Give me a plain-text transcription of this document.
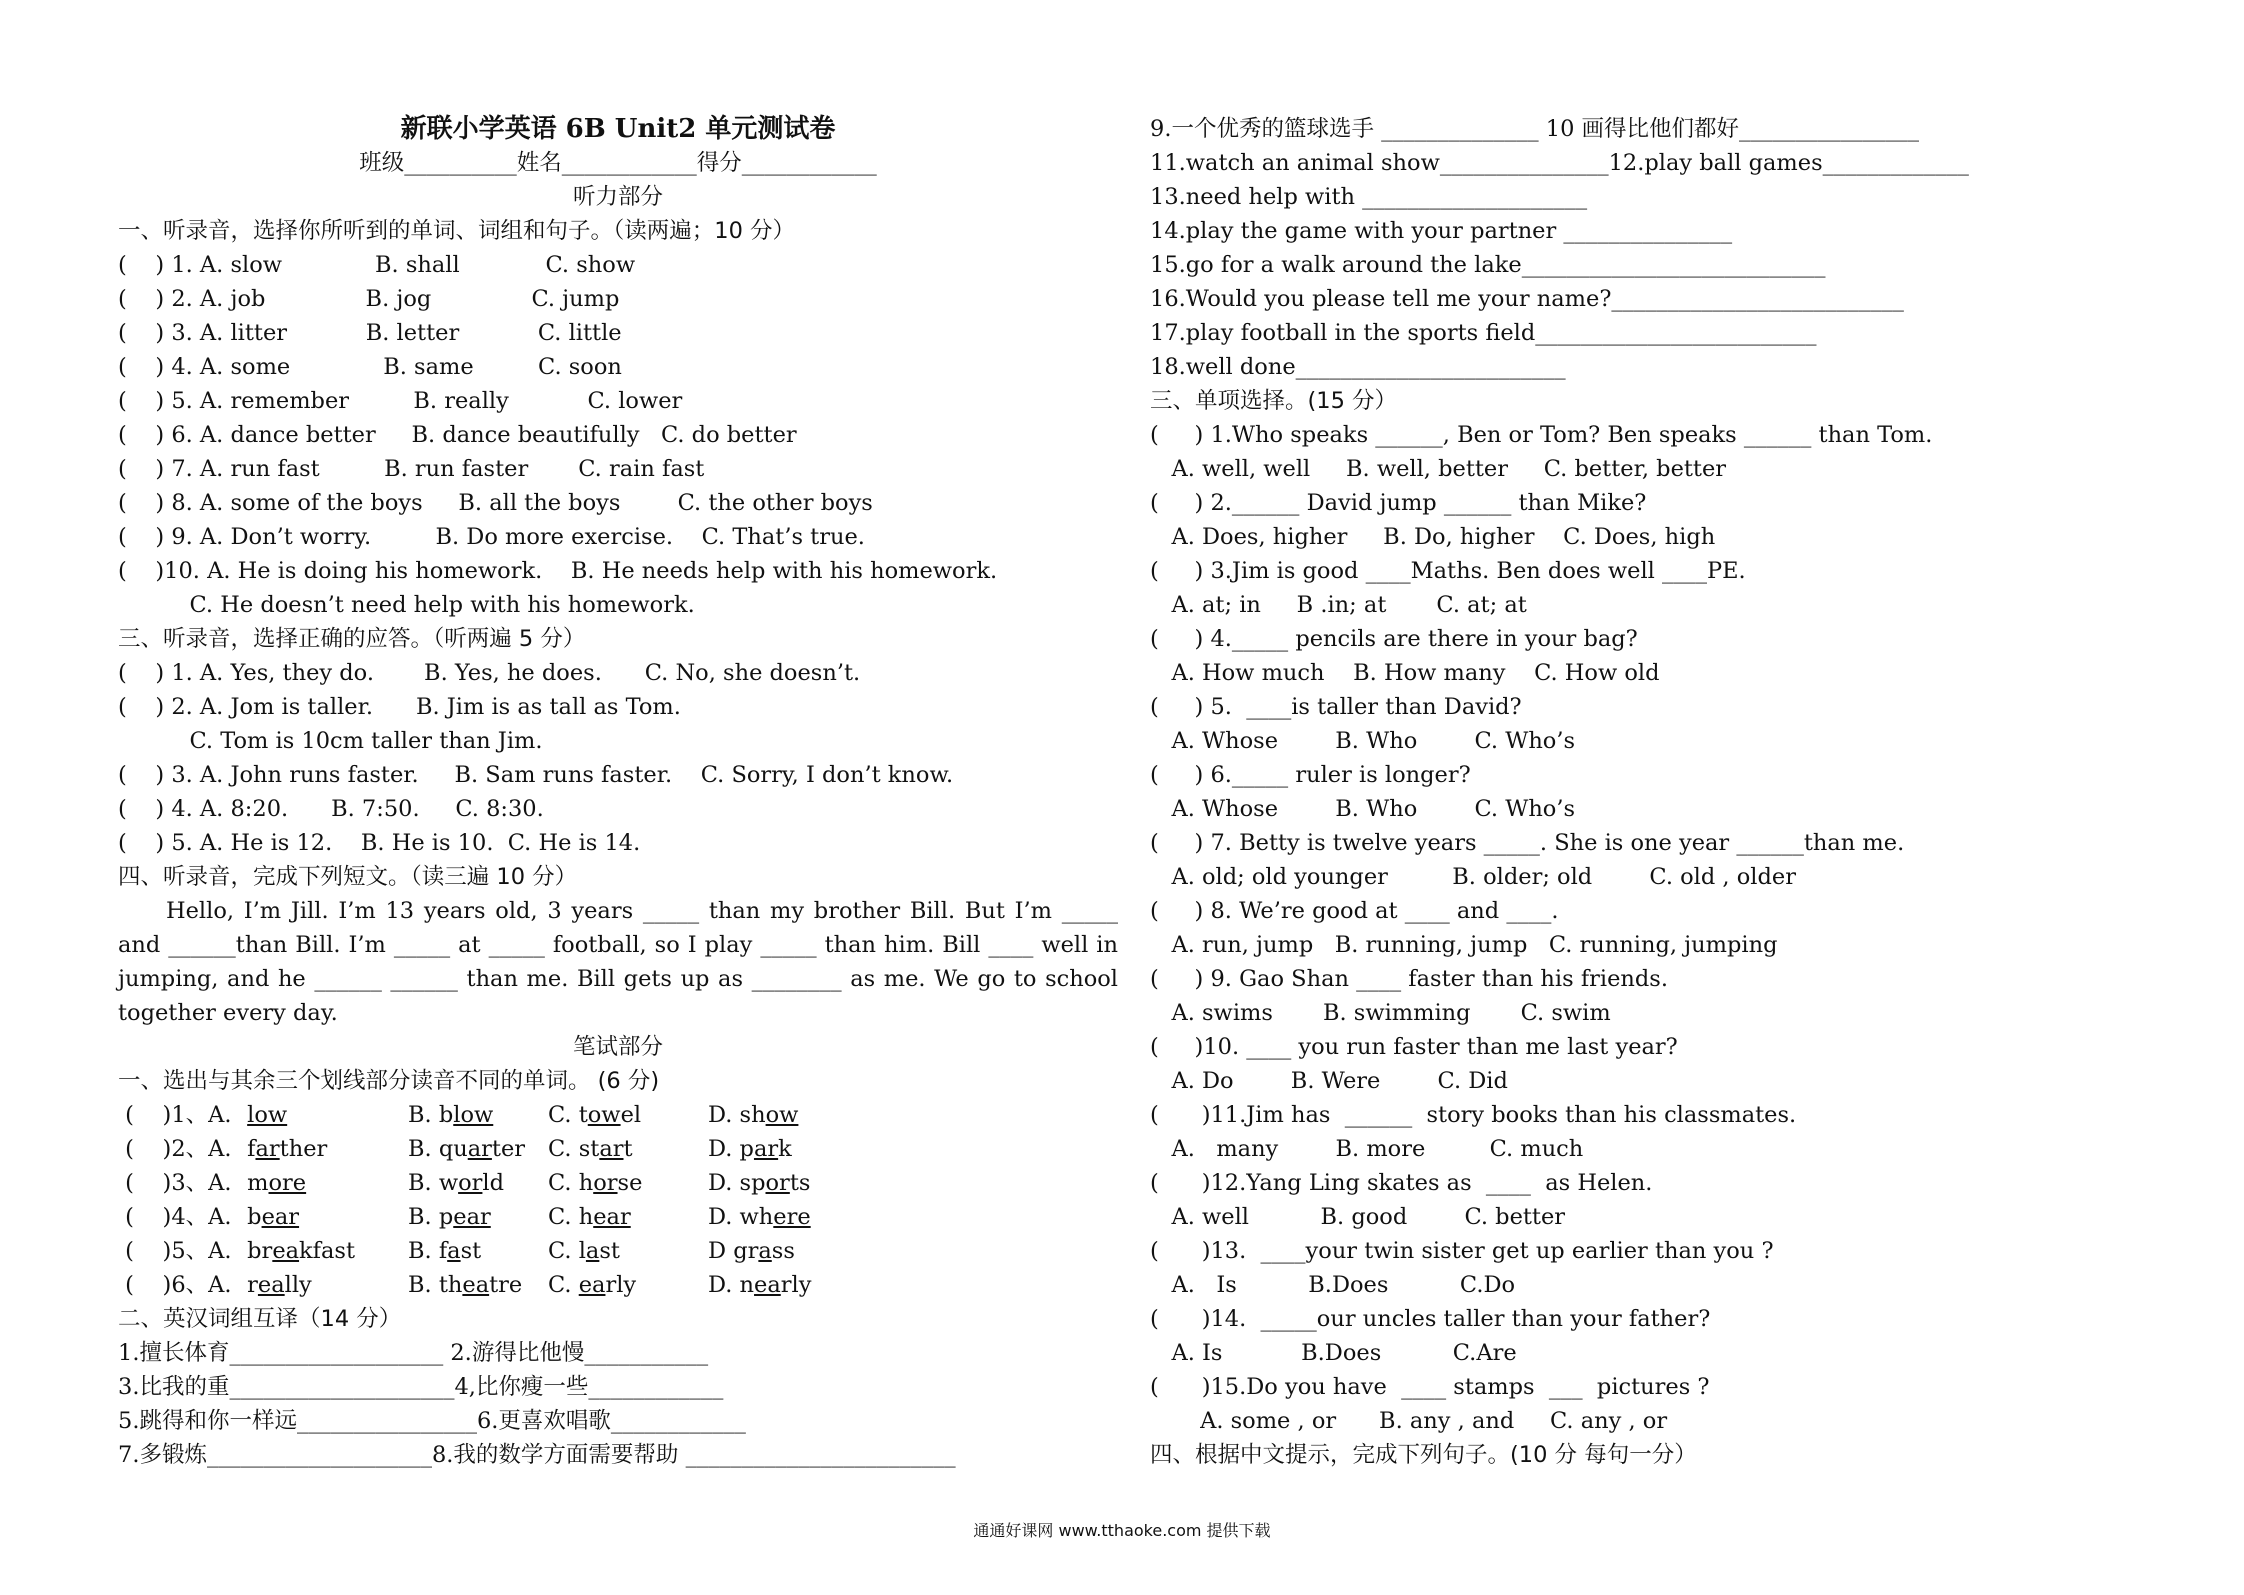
新联小学英语 6B Unit2 单元测试卷
班级__________姓名____________得分____________
听力部分
一、听录音，选择你所听到的单词、词组和句子。（读两遍；10 分）
(    ) 1. A. slow             B. shall            C. show
(    ) 2. A. job              B. jog              C. jump
(    ) 3. A. litter           B. letter           C. little
(    ) 4. A. some             B. same         C. soon
(    ) 5. A. remember         B. really           C. lower
(    ) 6. A. dance better     B. dance beautifully   C. do better
(    ) 7. A. run fast         B. run faster       C. rain fast
(    ) 8. A. some of the boys     B. all the boys        C. the other boys
(    ) 9. A. Don’t worry.         B. Do more exercise.    C. That’s true.
(    )10. A. He is doing his homework.    B. He needs help with his homework.
C. He doesn’t need help with his homework.
三、听录音，选择正确的应答。（听两遍 5 分）
(    ) 1. A. Yes, they do.       B. Yes, he does.      C. No, she doesn’t.
(    ) 2. A. Jom is taller.      B. Jim is as tall as Tom.
C. Tom is 10cm taller than Jim.
(    ) 3. A. John runs faster.     B. Sam runs faster.    C. Sorry, I don’t know.
(    ) 4. A. 8:20.      B. 7:50.     C. 8:30.
(    ) 5. A. He is 12.    B. He is 10.  C. He is 14.
四、听录音，完成下列短文。（读三遍 10 分）
Hello, I’m Jill. I’m 13 years old, 3 years _____ than my brother Bill. But I’m _____ and ______than Bill. I’m _____ at _____ football, so I play _____ than him. Bill ____ well in jumping, and he ______ ______ than me. Bill gets up as ________ as me. We go to school together every day.
笔试部分
一、选出与其余三个划线部分读音不同的单词。 (6 分)
(    )1、A. low	B. blow C. towel	D. show
(    )2、A. farther	B. quarter C. start	D. park
(    )3、A. more	B. world C. horse	D. sports
(    )4、A. bear	B. pear	C. hear	D. where
(    )5、A. breakfast B. fast	C. last	D grass
(    )6、A. really	B. theatre C. early	D. nearly
二、英汉词组互译（14 分）
1.擅长体育___________________ 2.游得比他慢___________
3.比我的重____________________4,比你瘦一些____________
5.跳得和你一样远________________6.更喜欢唱歌____________
7.多锻炼____________________8.我的数学方面需要帮助 ________________________
9.一个优秀的篮球选手 ______________ 10 画得比他们都好________________
11.watch an animal show_______________12.play ball games_____________
13.need help with ____________________
14.play the game with your partner _______________
15.go for a walk around the lake___________________________
16.Would you please tell me your name?__________________________
17.play football in the sports field_________________________
18.well done________________________
三、单项选择。(15 分）
(     ) 1.Who speaks ______, Ben or Tom? Ben speaks ______ than Tom.
A. well, well     B. well, better     C. better, better
(     ) 2.______ David jump ______ than Mike?
A. Does, higher     B. Do, higher    C. Does, high
(     ) 3.Jim is good ____Maths. Ben does well ____PE.
A. at; in     B .in; at       C. at; at
(     ) 4._____ pencils are there in your bag?
A. How much    B. How many    C. How old
(     ) 5.  ____is taller than David?
A. Whose        B. Who        C. Who’s
(     ) 6._____ ruler is longer?
A. Whose        B. Who        C. Who’s
(     ) 7. Betty is twelve years _____. She is one year ______than me.
A. old; old younger         B. older; old        C. old , older
(     ) 8. We’re good at ____ and ____.
A. run, jump   B. running, jump   C. running, jumping
(     ) 9. Gao Shan ____ faster than his friends.
A. swims       B. swimming       C. swim
(     )10. ____ you run faster than me last year?
A. Do        B. Were        C. Did
(      )11.Jim has  ______  story books than his classmates.
A.   many        B. more         C. much
(      )12.Yang Ling skates as  ____  as Helen.
A. well          B. good        C. better
(      )13.  ____your twin sister get up earlier than you ?
A.   Is          B.Does          C.Do
(      )14.  _____our uncles taller than your father?
A. Is           B.Does          C.Are
(      )15.Do you have  ____ stamps  ___  pictures ?
A. some , or      B. any , and     C. any , or
四、根据中文提示，完成下列句子。(10 分 每句一分）
通通好课网 www.tthaoke.com 提供下载
